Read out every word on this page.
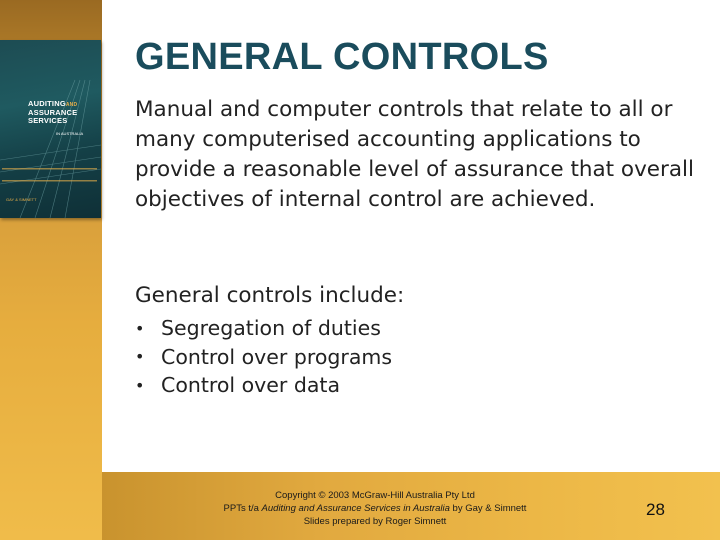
AUDITINGAND
ASSURANCE
SERVICES
IN AUSTRALIA
GAY & SIMNETT
GENERAL CONTROLS

Manual and computer controls that relate to all or many computerised accounting applications to provide a reasonable level of assurance that overall objectives of internal control are achieved.

General controls include:

• Segregation of duties
• Control over programs
• Control over data
Copyright © 2003 McGraw-Hill Australia Pty Ltd
PPTs t/a Auditing and Assurance Services in Australia by Gay & Simnett
Slides prepared by Roger Simnett
28
